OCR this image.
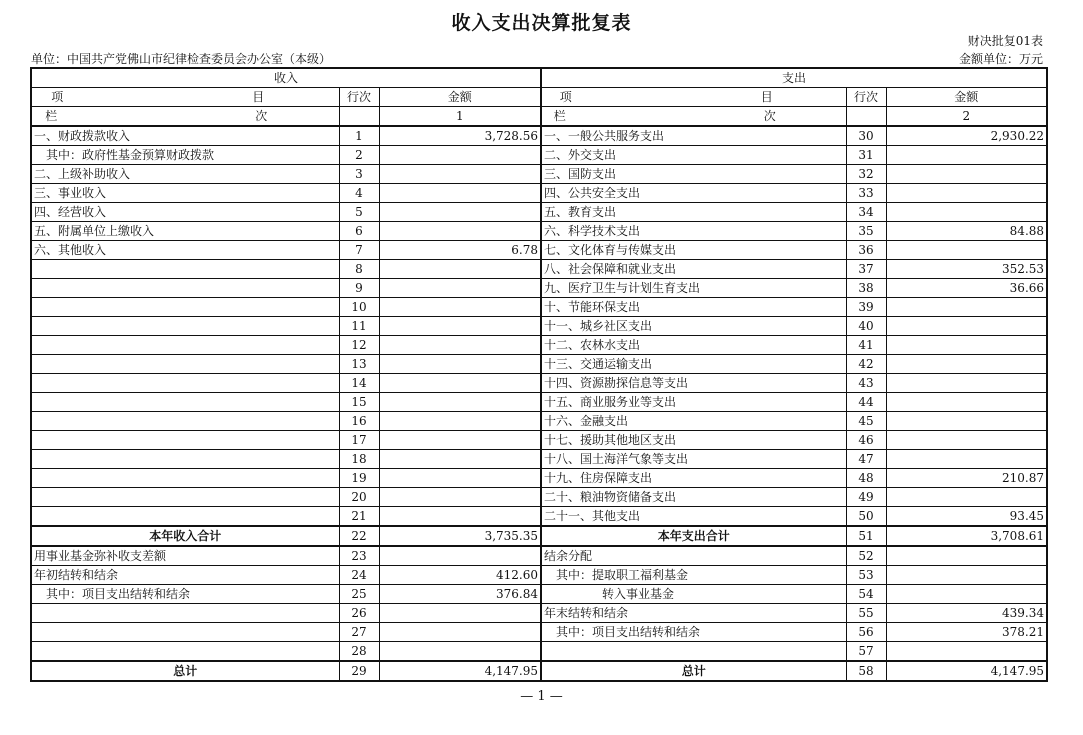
收入支出决算批复表
财决批复01表
单位：中国共产党佛山市纪律检查委员会办公室（本级）	金额单位：万元
收入			支出		
项　　目	行次	金额	项　　目	行次	金额
栏　　次		1	栏　　次		2
一、财政拨款收入	1	3,728.56	一、一般公共服务支出	30	2,930.22
其中：政府性基金预算财政拨款	2		二、外交支出	31	
二、上级补助收入	3		三、国防支出	32	
三、事业收入	4		四、公共安全支出	33	
四、经营收入	5		五、教育支出	34	
五、附属单位上缴收入	6		六、科学技术支出	35	84.88
六、其他收入	7	6.78	七、文化体育与传媒支出	36	
	8		八、社会保障和就业支出	37	352.53
	9		九、医疗卫生与计划生育支出	38	36.66
	10		十、节能环保支出	39	
	11		十一、城乡社区支出	40	
	12		十二、农林水支出	41	
	13		十三、交通运输支出	42	
	14		十四、资源勘探信息等支出	43	
	15		十五、商业服务业等支出	44	
	16		十六、金融支出	45	
	17		十七、援助其他地区支出	46	
	18		十八、国土海洋气象等支出	47	
	19		十九、住房保障支出	48	210.87
	20		二十、粮油物资储备支出	49	
	21		二十一、其他支出	50	93.45
本年收入合计	22	3,735.35	本年支出合计	51	3,708.61
用事业基金弥补收支差额	23		结余分配	52	
年初结转和结余	24	412.60	其中：提取职工福利基金	53	
其中：项目支出结转和结余	25	376.84	转入事业基金	54	
	26		年末结转和结余	55	439.34
	27		其中：项目支出结转和结余	56	378.21
	28			57	
总计	29	4,147.95	总计	58	4,147.95
— 1 —
